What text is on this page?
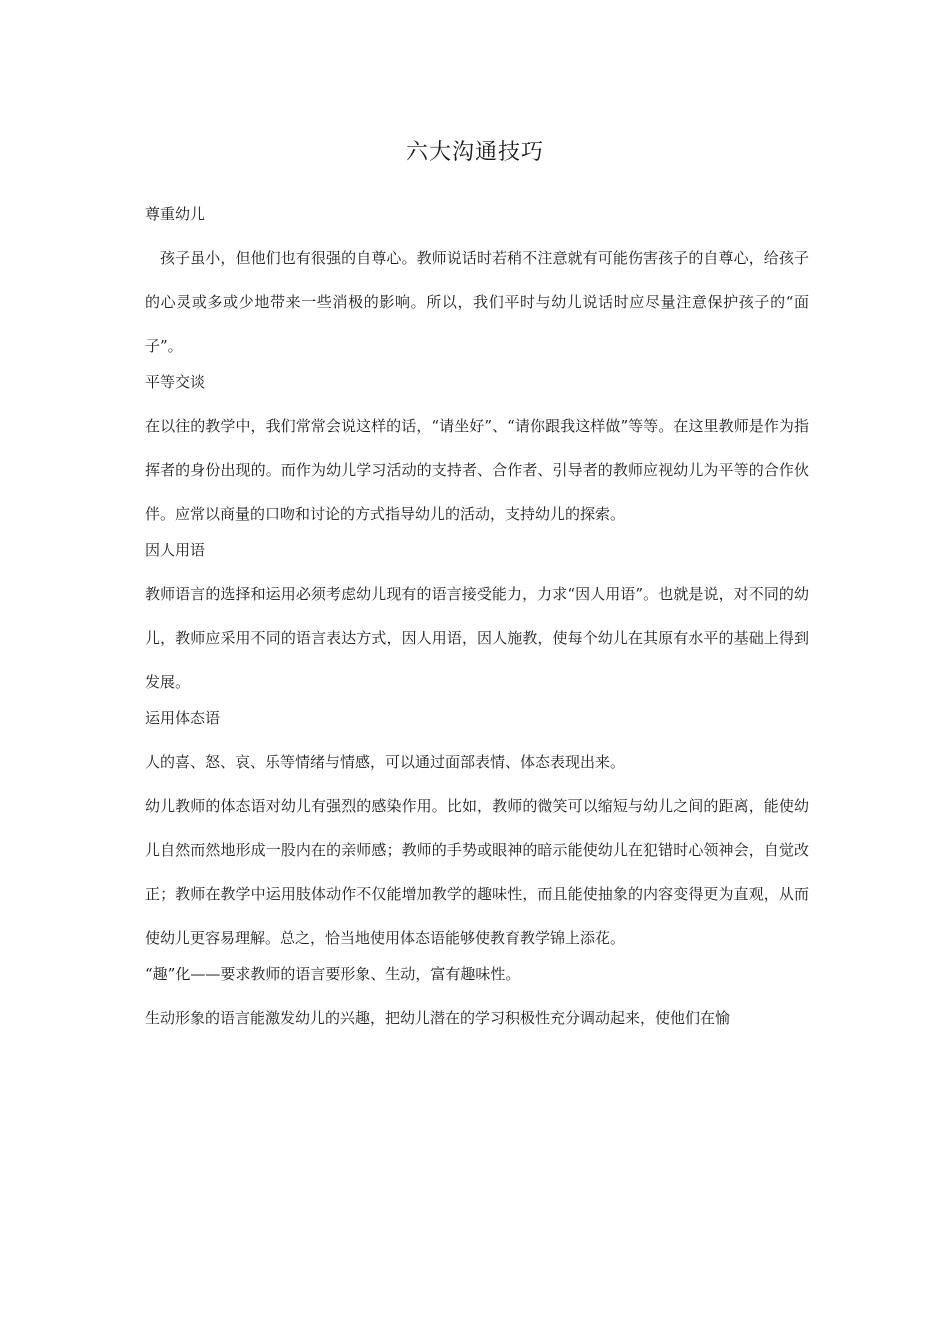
六大沟通技巧

尊重幼儿

孩子虽小，但他们也有很强的自尊心。教师说话时若稍不注意就有可能伤害孩子的自尊心，给孩子的心灵或多或少地带来一些消极的影响。所以，我们平时与幼儿说话时应尽量注意保护孩子的“面子”。

平等交谈

在以往的教学中，我们常常会说这样的话，“请坐好”、“请你跟我这样做”等等。在这里教师是作为指挥者的身份出现的。而作为幼儿学习活动的支持者、合作者、引导者的教师应视幼儿为平等的合作伙伴。应常以商量的口吻和讨论的方式指导幼儿的活动，支持幼儿的探索。

因人用语

教师语言的选择和运用必须考虑幼儿现有的语言接受能力，力求“因人用语”。也就是说，对不同的幼儿，教师应采用不同的语言表达方式，因人用语，因人施教，使每个幼儿在其原有水平的基础上得到发展。

运用体态语

人的喜、怒、哀、乐等情绪与情感，可以通过面部表情、体态表现出来。

幼儿教师的体态语对幼儿有强烈的感染作用。比如，教师的微笑可以缩短与幼儿之间的距离，能使幼儿自然而然地形成一股内在的亲师感；教师的手势或眼神的暗示能使幼儿在犯错时心领神会，自觉改正；教师在教学中运用肢体动作不仅能增加教学的趣味性，而且能使抽象的内容变得更为直观，从而使幼儿更容易理解。总之，恰当地使用体态语能够使教育教学锦上添花。

“趣”化——要求教师的语言要形象、生动，富有趣味性。

生动形象的语言能激发幼儿的兴趣，把幼儿潜在的学习积极性充分调动起来，使他们在愉
